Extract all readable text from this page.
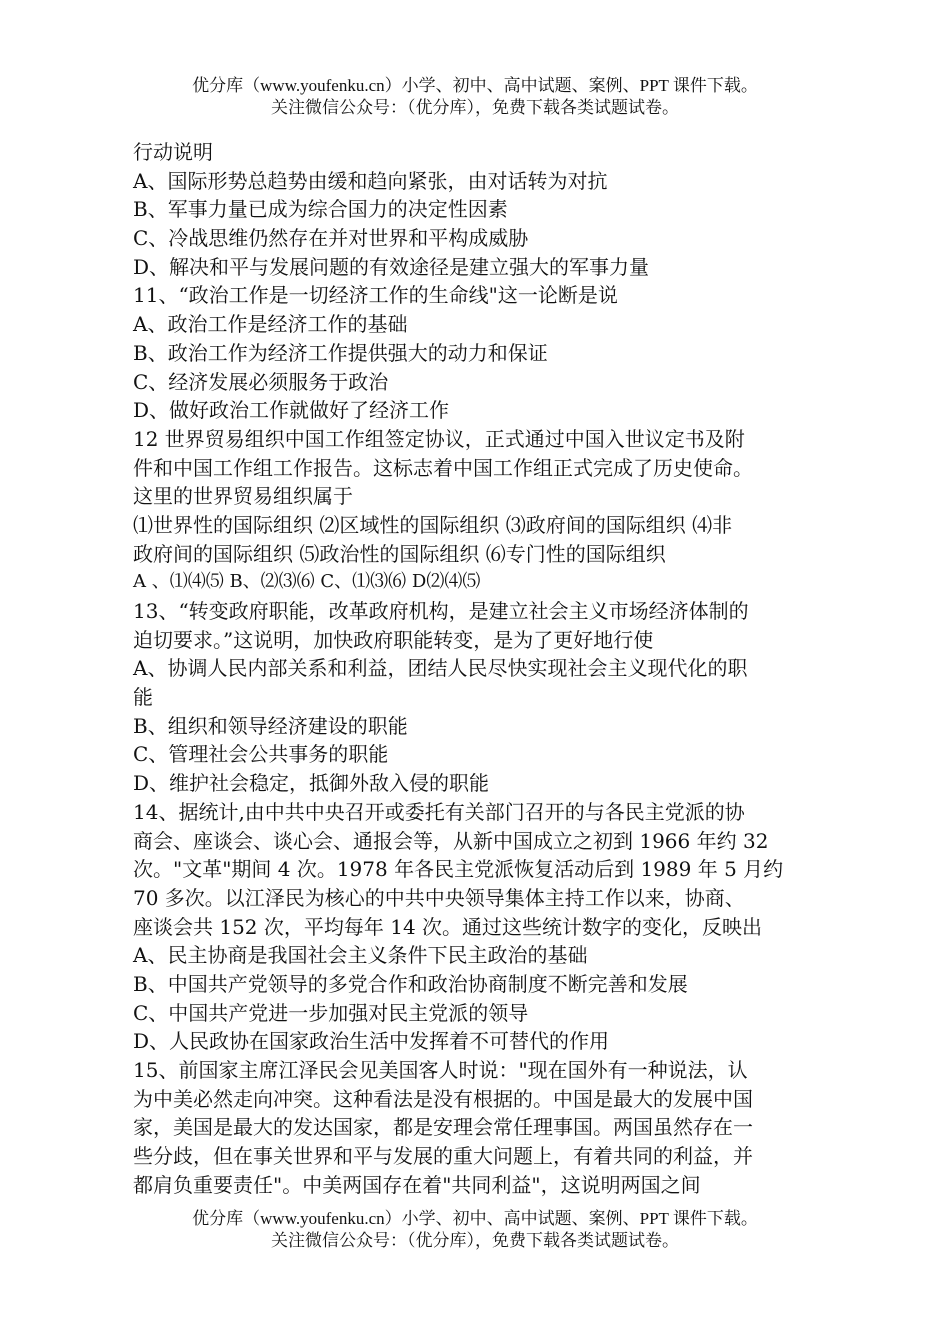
优分库（www.youfenku.cn）小学、初中、高中试题、案例、PPT 课件下载。
关注微信公众号：（优分库），免费下载各类试题试卷。
行动说明
A、国际形势总趋势由缓和趋向紧张，由对话转为对抗
B、军事力量已成为综合国力的决定性因素
C、冷战思维仍然存在并对世界和平构成威胁
D、解决和平与发展问题的有效途径是建立强大的军事力量
11、“政治工作是一切经济工作的生命线"这一论断是说
A、政治工作是经济工作的基础
B、政治工作为经济工作提供强大的动力和保证
C、经济发展必须服务于政治
D、做好政治工作就做好了经济工作
12 世界贸易组织中国工作组签定协议，正式通过中国入世议定书及附
件和中国工作组工作报告。这标志着中国工作组正式完成了历史使命。
这里的世界贸易组织属于
⑴世界性的国际组织 ⑵区域性的国际组织 ⑶政府间的国际组织 ⑷非
政府间的国际组织 ⑸政治性的国际组织 ⑹专门性的国际组织
A 、⑴⑷⑸ B、⑵⑶⑹ C、⑴⑶⑹ D⑵⑷⑸
13、“转变政府职能，改革政府机构，是建立社会主义市场经济体制的
迫切要求。”这说明，加快政府职能转变，是为了更好地行使
A、协调人民内部关系和利益，团结人民尽快实现社会主义现代化的职
能
B、组织和领导经济建设的职能
C、管理社会公共事务的职能
D、维护社会稳定，抵御外敌入侵的职能
14、据统计,由中共中央召开或委托有关部门召开的与各民主党派的协
商会、座谈会、谈心会、通报会等，从新中国成立之初到 1966 年约 32
次。"文革"期间 4 次。1978 年各民主党派恢复活动后到 1989 年 5 月约
70 多次。以江泽民为核心的中共中央领导集体主持工作以来，协商、
座谈会共 152 次，平均每年 14 次。通过这些统计数字的变化，反映出
A、民主协商是我国社会主义条件下民主政治的基础
B、中国共产党领导的多党合作和政治协商制度不断完善和发展
C、中国共产党进一步加强对民主党派的领导
D、人民政协在国家政治生活中发挥着不可替代的作用
15、前国家主席江泽民会见美国客人时说："现在国外有一种说法，认
为中美必然走向冲突。这种看法是没有根据的。中国是最大的发展中国
家，美国是最大的发达国家，都是安理会常任理事国。两国虽然存在一
些分歧，但在事关世界和平与发展的重大问题上，有着共同的利益，并
都肩负重要责任"。中美两国存在着"共同利益"，这说明两国之间
优分库（www.youfenku.cn）小学、初中、高中试题、案例、PPT 课件下载。
关注微信公众号：（优分库），免费下载各类试题试卷。
